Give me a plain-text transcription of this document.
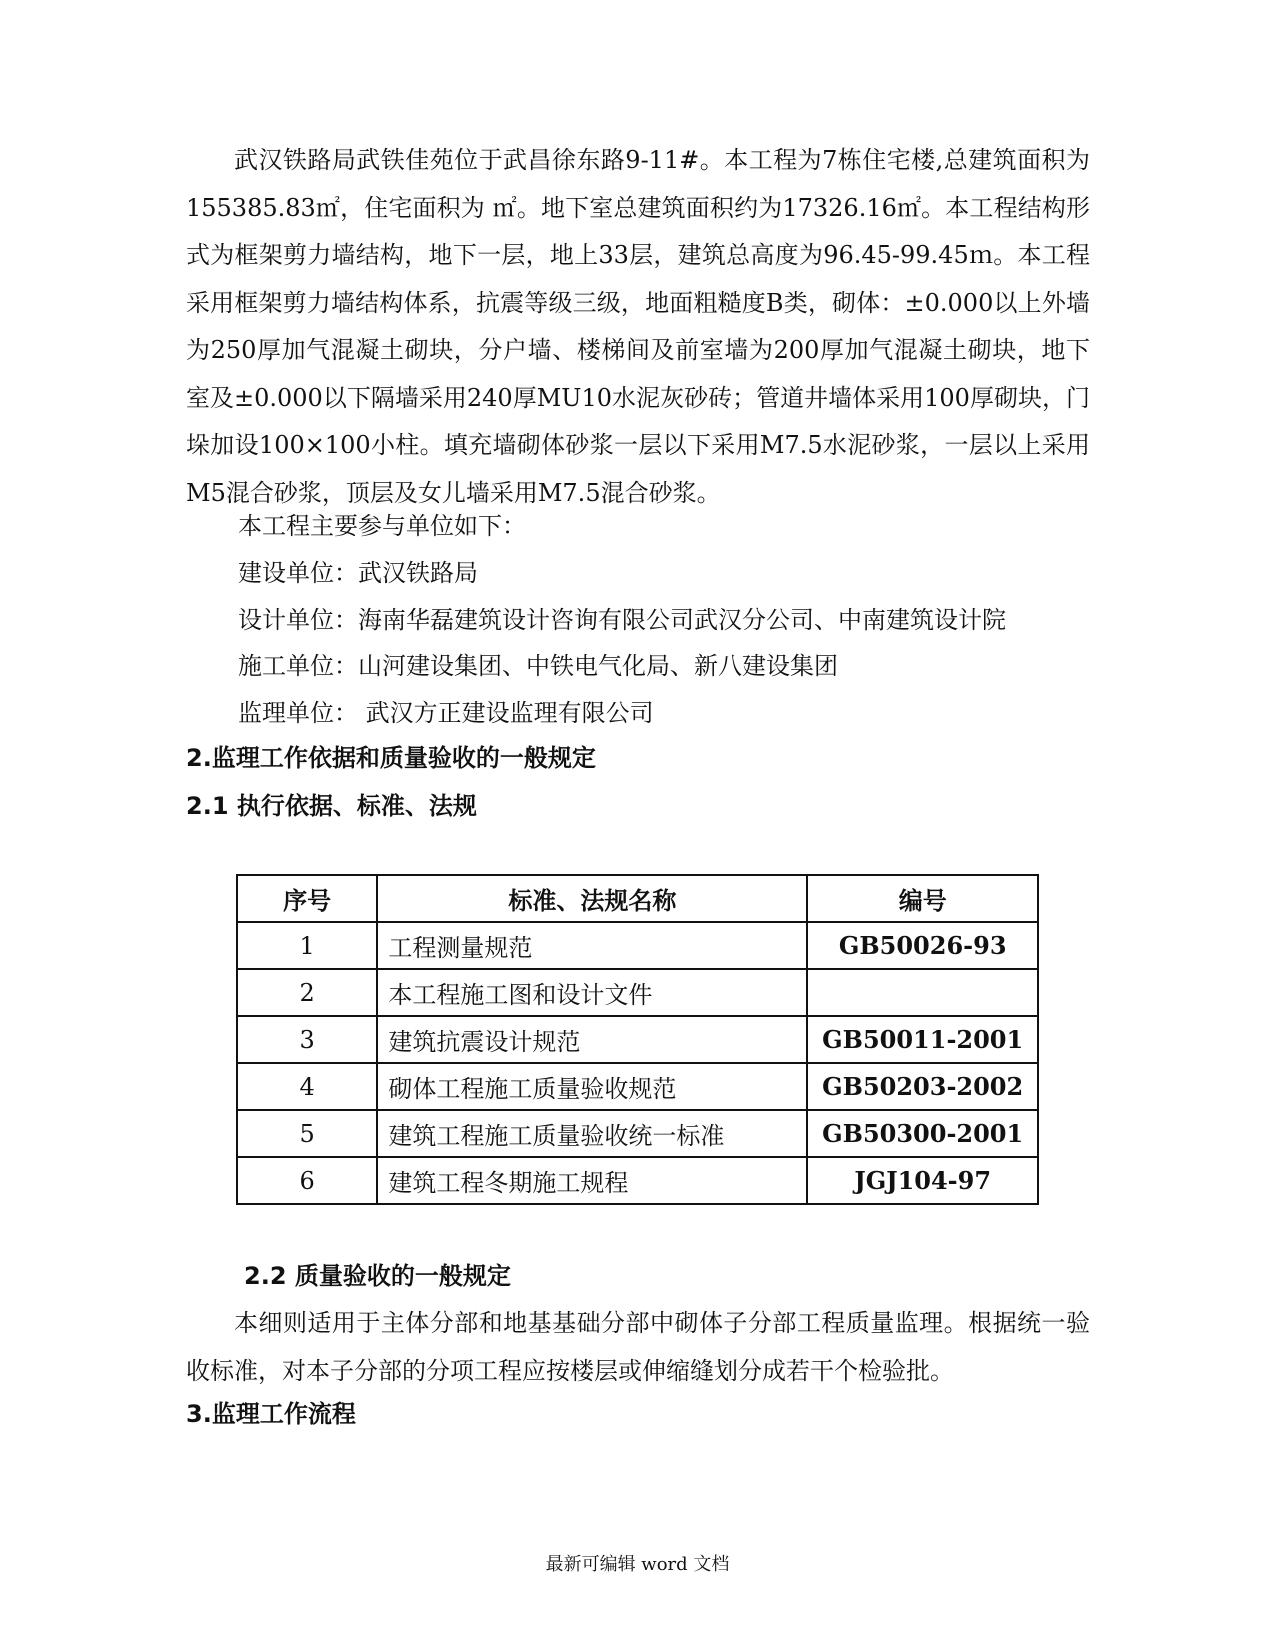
武汉铁路局武铁佳苑位于武昌徐东路9-11#。本工程为7栋住宅楼,总建筑面积为155385.83㎡，住宅面积为 ㎡。地下室总建筑面积约为17326.16㎡。本工程结构形式为框架剪力墙结构，地下一层，地上33层，建筑总高度为96.45-99.45ｍ。本工程采用框架剪力墙结构体系，抗震等级三级，地面粗糙度B类，砌体：±0.000以上外墙为250厚加气混凝土砌块，分户墙、楼梯间及前室墙为200厚加气混凝土砌块，地下室及±0.000以下隔墙采用240厚MU10水泥灰砂砖；管道井墙体采用100厚砌块，门垛加设100×100小柱。填充墙砌体砂浆一层以下采用M7.5水泥砂浆，一层以上采用M5混合砂浆，顶层及女儿墙采用M7.5混合砂浆。

本工程主要参与单位如下：

建设单位：武汉铁路局

设计单位：海南华磊建筑设计咨询有限公司武汉分公司、中南建筑设计院

施工单位：山河建设集团、中铁电气化局、新八建设集团

监理单位： 武汉方正建设监理有限公司

2.监理工作依据和质量验收的一般规定

2.1 执行依据、标准、法规

序号	标准、法规名称	编号
1	工程测量规范	GB50026-93
2	本工程施工图和设计文件	
3	建筑抗震设计规范	GB50011-2001
4	砌体工程施工质量验收规范	GB50203-2002
5	建筑工程施工质量验收统一标准	GB50300-2001
6	建筑工程冬期施工规程	JGJ104-97

2.2 质量验收的一般规定

本细则适用于主体分部和地基基础分部中砌体子分部工程质量监理。根据统一验收标准，对本子分部的分项工程应按楼层或伸缩缝划分成若干个检验批。

3.监理工作流程

最新可编辑 word 文档
